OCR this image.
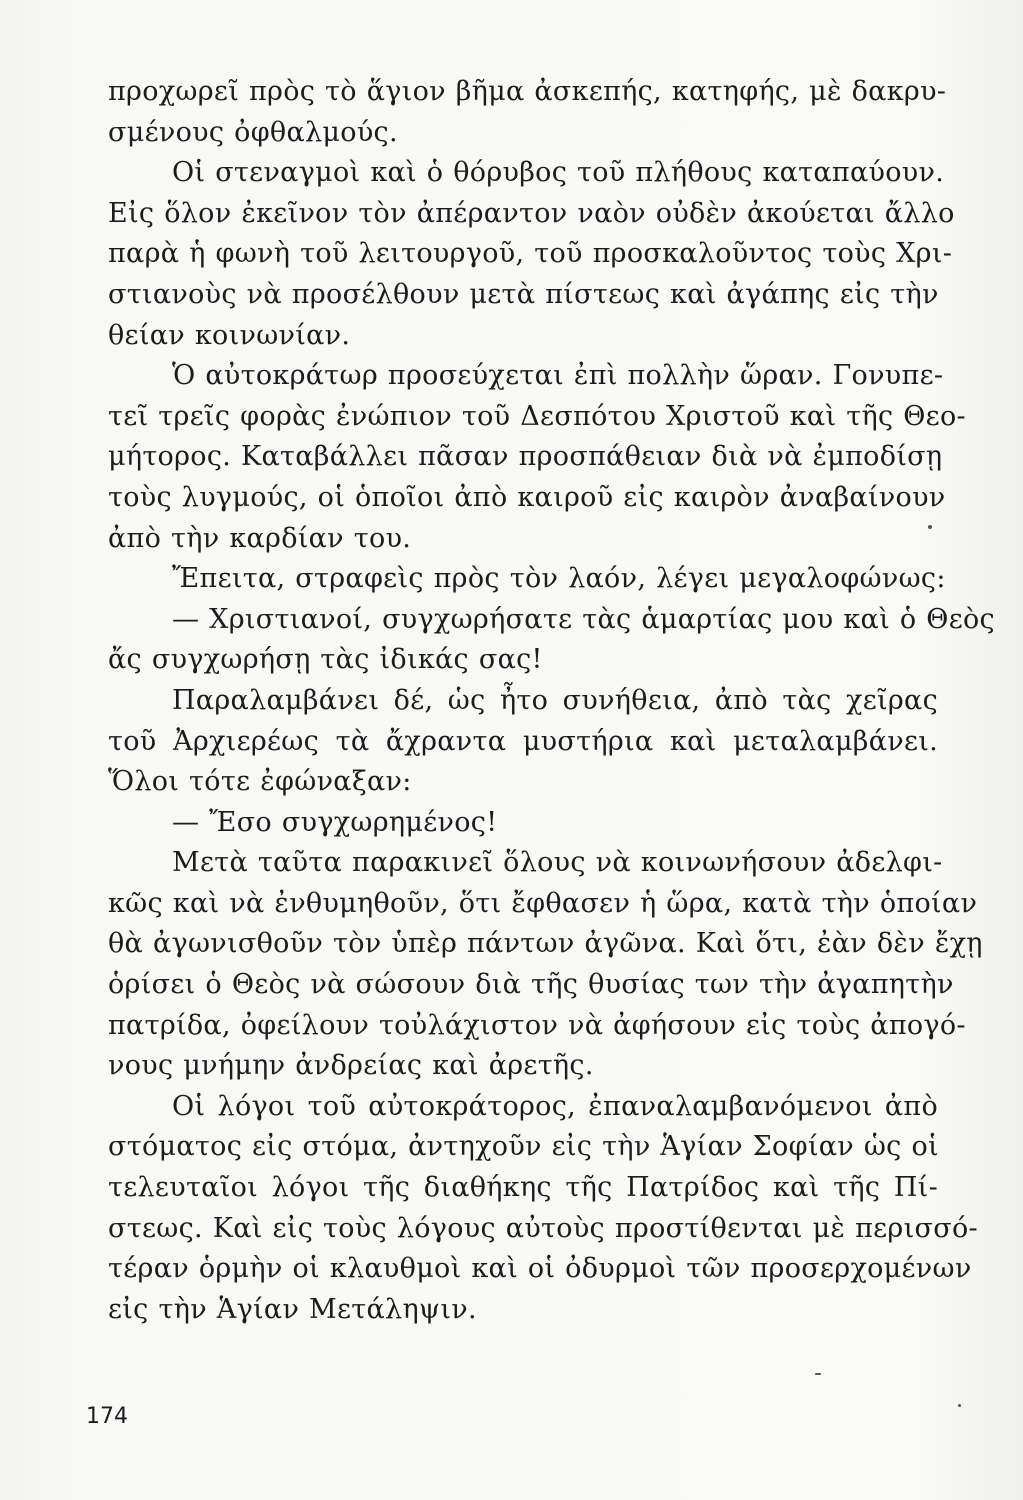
προχωρεῖ πρὸς τὸ ἅγιον βῆμα ἀσκεπής, κατηφής, μὲ δακρυ-
σμένους ὀφθαλμούς.
Οἱ στεναγμοὶ καὶ ὁ θόρυβος τοῦ πλήθους καταπαύουν.
Εἰς ὅλον ἐκεῖνον τὸν ἀπέραντον ναὸν οὐδὲν ἀκούεται ἄλλο
παρὰ ἡ φωνὴ τοῦ λειτουργοῦ, τοῦ προσκαλοῦντος τοὺς Χρι-
στιανοὺς νὰ προσέλθουν μετὰ πίστεως καὶ ἀγάπης εἰς τὴν
θείαν κοινωνίαν.
Ὁ αὐτοκράτωρ προσεύχεται ἐπὶ πολλὴν ὥραν. Γονυπε-
τεῖ τρεῖς φορὰς ἐνώπιον τοῦ Δεσπότου Χριστοῦ καὶ τῆς Θεο-
μήτορος. Καταβάλλει πᾶσαν προσπάθειαν διὰ νὰ ἐμποδίσῃ
τοὺς λυγμούς, οἱ ὁποῖοι ἀπὸ καιροῦ εἰς καιρὸν ἀναβαίνουν
ἀπὸ τὴν καρδίαν του.
Ἔπειτα, στραφεὶς πρὸς τὸν λαόν, λέγει μεγαλοφώνως:
— Χριστιανοί, συγχωρήσατε τὰς ἁμαρτίας μου καὶ ὁ Θεὸς
ἄς συγχωρήσῃ τὰς ἰδικάς σας!
Παραλαμβάνει δέ, ὡς ἦτο συνήθεια, ἀπὸ τὰς χεῖρας
τοῦ Ἀρχιερέως τὰ ἄχραντα μυστήρια καὶ μεταλαμβάνει.
Ὅλοι τότε ἐφώναξαν:
— Ἔσο συγχωρημένος!
Μετὰ ταῦτα παρακινεῖ ὅλους νὰ κοινωνήσουν ἀδελφι-
κῶς καὶ νὰ ἐνθυμηθοῦν, ὅτι ἔφθασεν ἡ ὥρα, κατὰ τὴν ὁποίαν
θὰ ἀγωνισθοῦν τὸν ὑπὲρ πάντων ἀγῶνα. Καὶ ὅτι, ἐὰν δὲν ἔχῃ
ὁρίσει ὁ Θεὸς νὰ σώσουν διὰ τῆς θυσίας των τὴν ἀγαπητὴν
πατρίδα, ὀφείλουν τοὐλάχιστον νὰ ἀφήσουν εἰς τοὺς ἀπογό-
νους μνήμην ἀνδρείας καὶ ἀρετῆς.
Οἱ λόγοι τοῦ αὐτοκράτορος, ἐπαναλαμβανόμενοι ἀπὸ
στόματος εἰς στόμα, ἀντηχοῦν εἰς τὴν Ἁγίαν Σοφίαν ὡς οἱ
τελευταῖοι λόγοι τῆς διαθήκης τῆς Πατρίδος καὶ τῆς Πί-
στεως. Καὶ εἰς τοὺς λόγους αὐτοὺς προστίθενται μὲ περισσό-
τέραν ὁρμὴν οἱ κλαυθμοὶ καὶ οἱ ὀδυρμοὶ τῶν προσερχομένων
εἰς τὴν Ἁγίαν Μετάληψιν.
174
